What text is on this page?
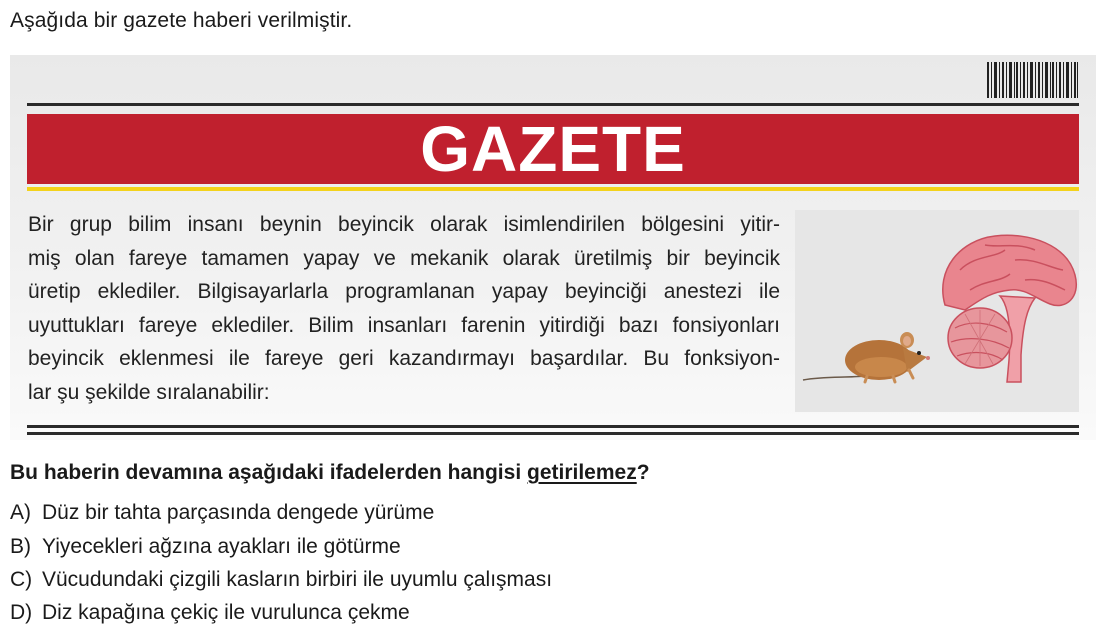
Aşağıda bir gazete haberi verilmiştir.
GAZETE
Bir grup bilim insanı beynin beyincik olarak isimlendirilen bölgesini yitir-
miş olan fareye tamamen yapay ve mekanik olarak üretilmiş bir beyincik
üretip eklediler. Bilgisayarlarla programlanan yapay beyinciği anestezi ile
uyuttukları fareye eklediler. Bilim insanları farenin yitirdiği bazı fonsiyonları
beyincik eklenmesi ile fareye geri kazandırmayı başardılar. Bu fonksiyon-
lar şu şekilde sıralanabilir:
Bu haberin devamına aşağıdaki ifadelerden hangisi getirilemez?
A) Düz bir tahta parçasında dengede yürüme
B) Yiyecekleri ağzına ayakları ile götürme
C) Vücudundaki çizgili kasların birbiri ile uyumlu çalışması
D) Diz kapağına çekiç ile vurulunca çekme
